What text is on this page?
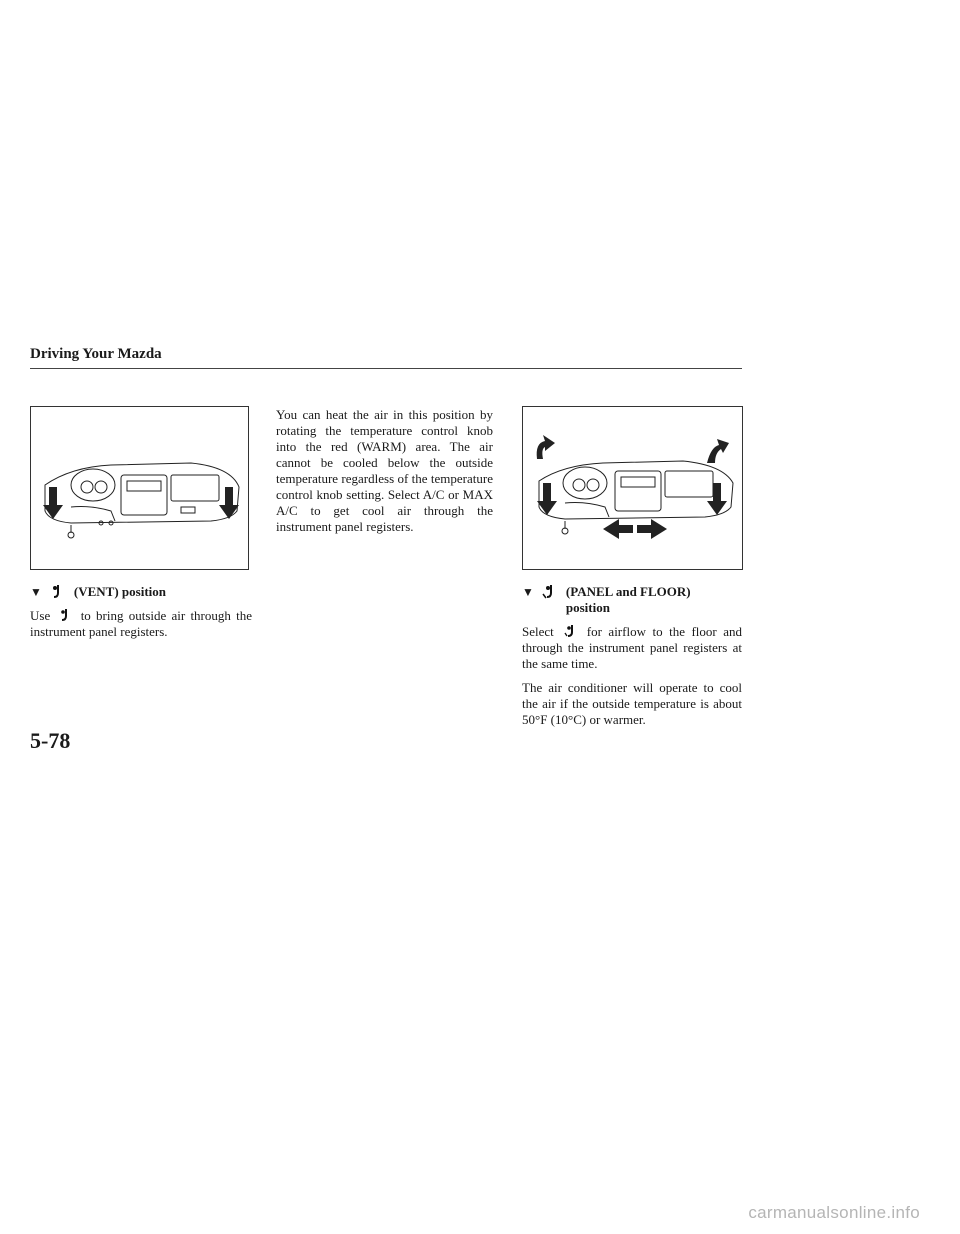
Driving Your Mazda
▼ (VENT) position

Use to bring outside air through the instrument panel registers.

You can heat the air in this position by rotating the temperature control knob into the red (WARM) area. The air cannot be cooled below the outside temperature regardless of the temperature control knob setting. Select A/C or MAX A/C to get cool air through the instrument panel registers.

▼ (PANEL and FLOOR)
position

Select	for airflow to the floor and through the instrument panel registers at the same time.

The air conditioner will operate to cool the air if the outside temperature is about 50°F (10°C) or warmer.

5-78
carmanualsonline.info
